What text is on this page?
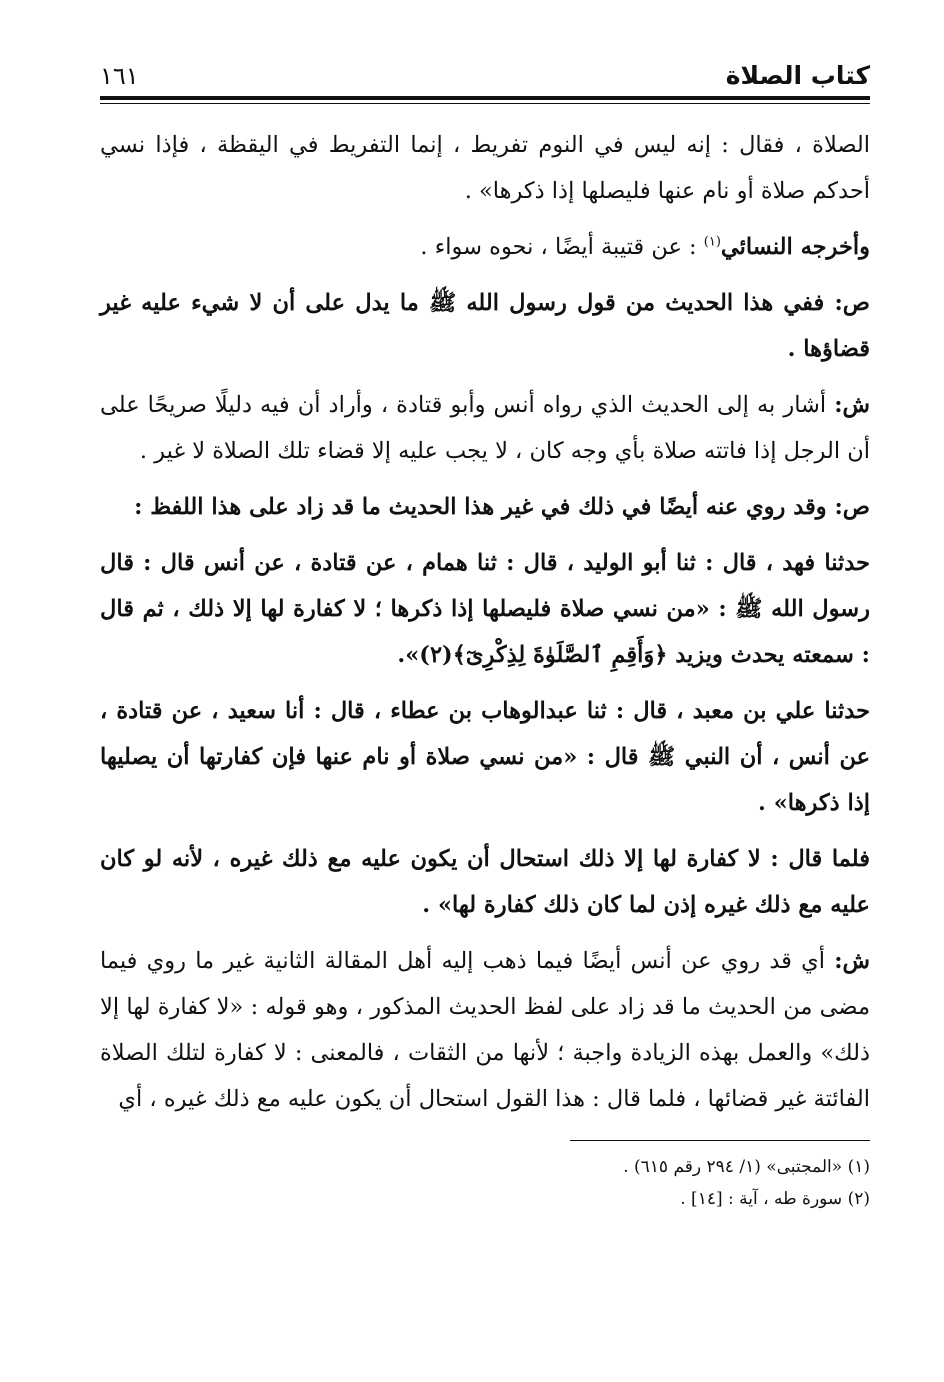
كتاب الصلاة
١٦١

الصلاة ، فقال : إنه ليس في النوم تفريط ، إنما التفريط في اليقظة ، فإذا نسي أحدكم صلاة أو نام عنها فليصلها إذا ذكرها» .

وأخرجه النسائي$^{(١)}$ : عن قتيبة أيضًا ، نحوه سواء .

ص: ففي هذا الحديث من قول رسول الله ﷺ ما يدل على أن لا شيء عليه غير قضاؤها .

ش: أشار به إلى الحديث الذي رواه أنس وأبو قتادة ، وأراد أن فيه دليلًا صريحًا على أن الرجل إذا فاتته صلاة بأي وجه كان ، لا يجب عليه إلا قضاء تلك الصلاة لا غير .

ص: وقد روي عنه أيضًا في ذلك في غير هذا الحديث ما قد زاد على هذا اللفظ :

حدثنا فهد ، قال : ثنا أبو الوليد ، قال : ثنا همام ، عن قتادة ، عن أنس قال : قال رسول الله ﷺ : «من نسي صلاة فليصلها إذا ذكرها ؛ لا كفارة لها إلا ذلك ، ثم قال : سمعته يحدث ويزيد ﴿وَأَقِمِ ٱلصَّلَوٰةَ لِذِكْرِىٓ﴾(٢)».

حدثنا علي بن معبد ، قال : ثنا عبدالوهاب بن عطاء ، قال : أنا سعيد ، عن قتادة ، عن أنس ، أن النبي ﷺ قال : «من نسي صلاة أو نام عنها فإن كفارتها أن يصليها إذا ذكرها» .

فلما قال : لا كفارة لها إلا ذلك استحال أن يكون عليه مع ذلك غيره ، لأنه لو كان عليه مع ذلك غيره إذن لما كان ذلك كفارة لها» .

ش: أي قد روي عن أنس أيضًا فيما ذهب إليه أهل المقالة الثانية غير ما روي فيما مضى من الحديث ما قد زاد على لفظ الحديث المذكور ، وهو قوله : «لا كفارة لها إلا ذلك» والعمل بهذه الزيادة واجبة ؛ لأنها من الثقات ، فالمعنى : لا كفارة لتلك الصلاة الفائتة غير قضائها ، فلما قال : هذا القول استحال أن يكون عليه مع ذلك غيره ، أي

(١) «المجتبى» (١/ ٢٩٤ رقم ٦١٥) .

(٢) سورة طه ، آية : [١٤] .
